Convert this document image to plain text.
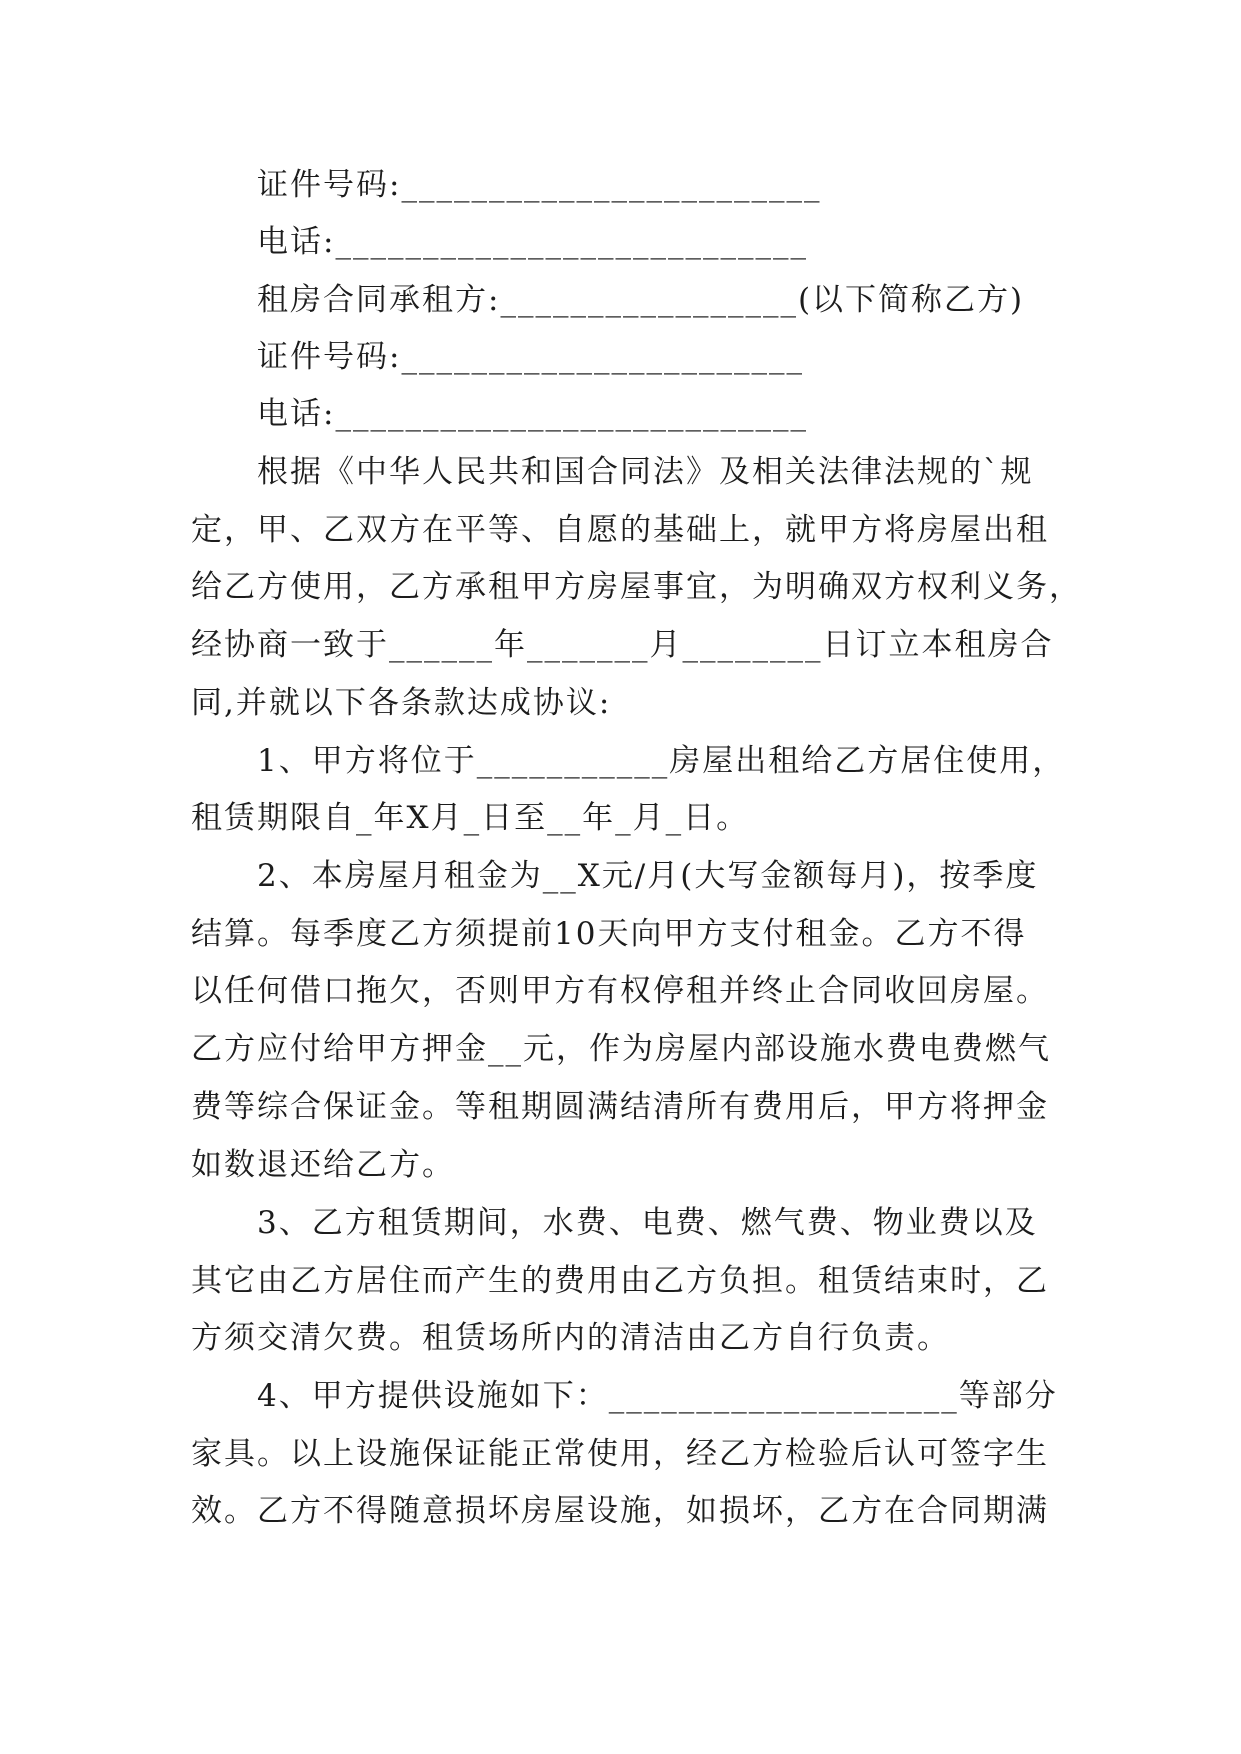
证件号码:________________________
电话:___________________________
租房合同承租方:_________________(以下简称乙方)
证件号码:_______________________
电话:___________________________
根据《中华人民共和国合同法》及相关法律法规的`规
定，甲、乙双方在平等、自愿的基础上，就甲方将房屋出租
给乙方使用，乙方承租甲方房屋事宜，为明确双方权利义务，
经协商一致于______年_______月________日订立本租房合
同,并就以下各条款达成协议:
1、甲方将位于___________房屋出租给乙方居住使用，
租赁期限自_年X月_日至__年_月_日。
2、本房屋月租金为__X元/月(大写金额每月)，按季度
结算。每季度乙方须提前10天向甲方支付租金。乙方不得
以任何借口拖欠，否则甲方有权停租并终止合同收回房屋。
乙方应付给甲方押金__元，作为房屋内部设施水费电费燃气
费等综合保证金。等租期圆满结清所有费用后，甲方将押金
如数退还给乙方。
3、乙方租赁期间，水费、电费、燃气费、物业费以及
其它由乙方居住而产生的费用由乙方负担。租赁结束时，乙
方须交清欠费。租赁场所内的清洁由乙方自行负责。
4、甲方提供设施如下：____________________等部分
家具。以上设施保证能正常使用，经乙方检验后认可签字生
效。乙方不得随意损坏房屋设施，如损坏，乙方在合同期满
